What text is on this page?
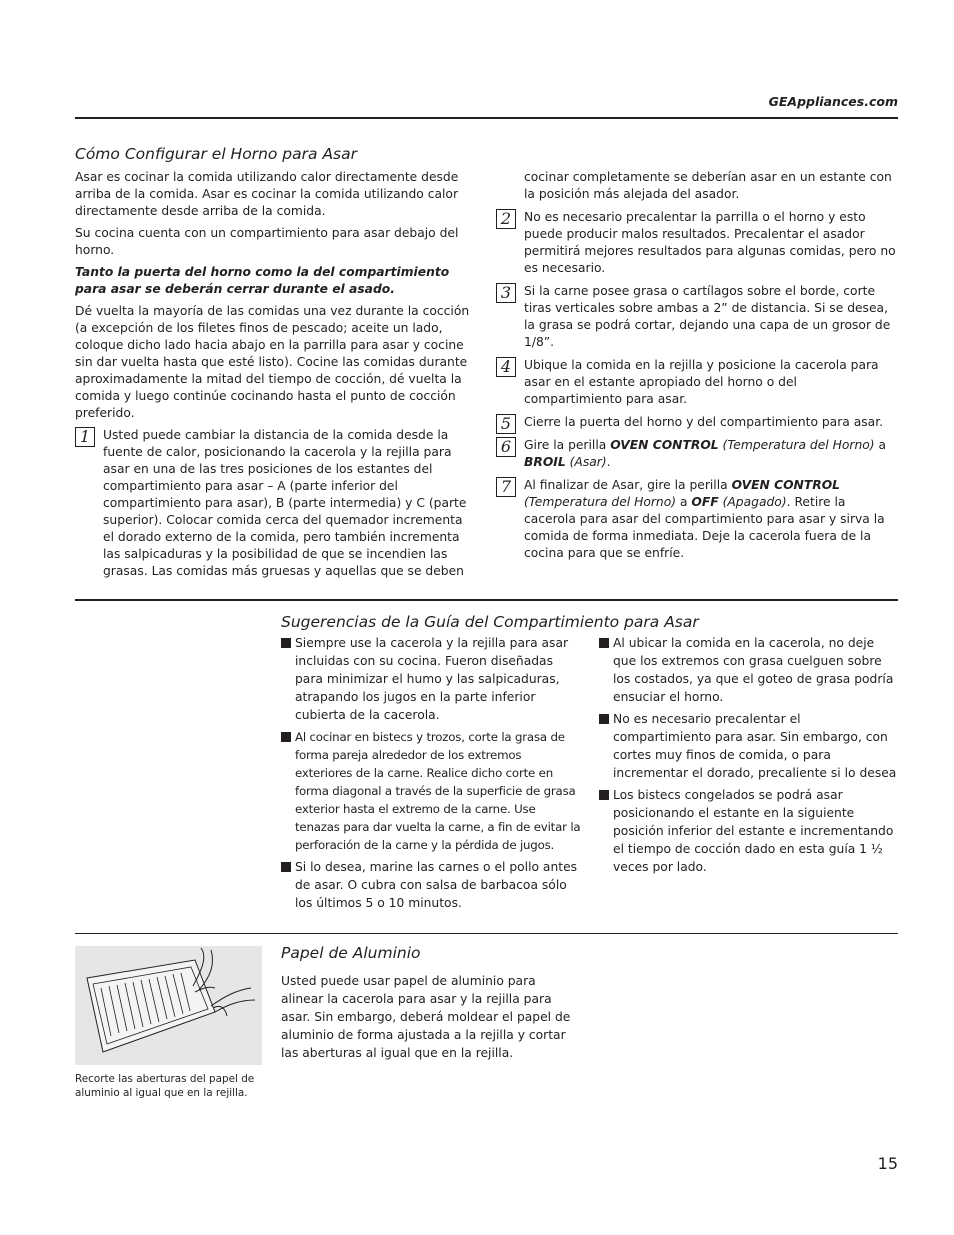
GEAppliances.com
Cómo Configurar el Horno para Asar

Asar es cocinar la comida utilizando calor directamente desde arriba de la comida. Asar es cocinar la comida utilizando calor directamente desde arriba de la comida.

Su cocina cuenta con un compartimiento para asar debajo del horno.

Tanto la puerta del horno como la del compartimiento para asar se deberán cerrar durante el asado.

Dé vuelta la mayoría de las comidas una vez durante la cocción (a excepción de los filetes finos de pescado; aceite un lado, coloque dicho lado hacia abajo en la parrilla para asar y cocine sin dar vuelta hasta que esté listo). Cocine las comidas durante aproximadamente la mitad del tiempo de cocción, dé vuelta la comida y luego continúe cocinando hasta el punto de cocción preferido.

1	Usted puede cambiar la distancia de la comida desde la fuente de calor, posicionando la cacerola y la rejilla para asar en una de las tres posiciones de los estantes del compartimiento para asar – A (parte inferior del compartimiento para asar), B (parte intermedia) y C (parte superior). Colocar comida cerca del quemador incrementa el dorado externo de la comida, pero también incrementa las salpicaduras y la posibilidad de que se incendien las grasas. Las comidas más gruesas y aquellas que se deben
cocinar completamente se deberían asar en un estante con la posición más alejada del asador.
2	No es necesario precalentar la parrilla o el horno y esto puede producir malos resultados. Precalentar el asador permitirá mejores resultados para algunas comidas, pero no es necesario.
3	Si la carne posee grasa o cartílagos sobre el borde, corte tiras verticales sobre ambas a 2” de distancia. Si se desea, la grasa se podrá cortar, dejando una capa de un grosor de 1/8”.
4	Ubique la comida en la rejilla y posicione la cacerola para asar en el estante apropiado del horno o del compartimiento para asar.
5	Cierre la puerta del horno y del compartimiento para asar.
6	Gire la perilla OVEN CONTROL (Temperatura del Horno) a BROIL (Asar).
7	Al finalizar de Asar, gire la perilla OVEN CONTROL (Temperatura del Horno) a OFF (Apagado). Retire la cacerola para asar del compartimiento para asar y sirva la comida de forma inmediata. Deje la cacerola fuera de la cocina para que se enfríe.
Sugerencias de la Guía del Compartimiento para Asar
Siempre use la cacerola y la rejilla para asar incluidas con su cocina. Fueron diseñadas para minimizar el humo y las salpicaduras, atrapando los jugos en la parte inferior cubierta de la cacerola.
Al cocinar en bistecs y trozos, corte la grasa de forma pareja alrededor de los extremos exteriores de la carne. Realice dicho corte en forma diagonal a través de la superficie de grasa exterior hasta el extremo de la carne. Use tenazas para dar vuelta la carne, a fin de evitar la perforación de la carne y la pérdida de jugos.
Si lo desea, marine las carnes o el pollo antes de asar. O cubra con salsa de barbacoa sólo los últimos 5 o 10 minutos.
Al ubicar la comida en la cacerola, no deje que los extremos con grasa cuelguen sobre los costados, ya que el goteo de grasa podría ensuciar el horno.
No es necesario precalentar el compartimiento para asar. Sin embargo, con cortes muy finos de comida, o para incrementar el dorado, precaliente si lo desea
Los bistecs congelados se podrá asar posicionando el estante en la siguiente posición inferior del estante e incrementando el tiempo de cocción dado en esta guía 1 ½ veces por lado.
Recorte las aberturas del papel de aluminio al igual que en la rejilla.
Papel de Aluminio
Usted puede usar papel de aluminio para alinear la cacerola para asar y la rejilla para asar. Sin embargo, deberá moldear el papel de aluminio de forma ajustada a la rejilla y cortar las aberturas al igual que en la rejilla.
15
